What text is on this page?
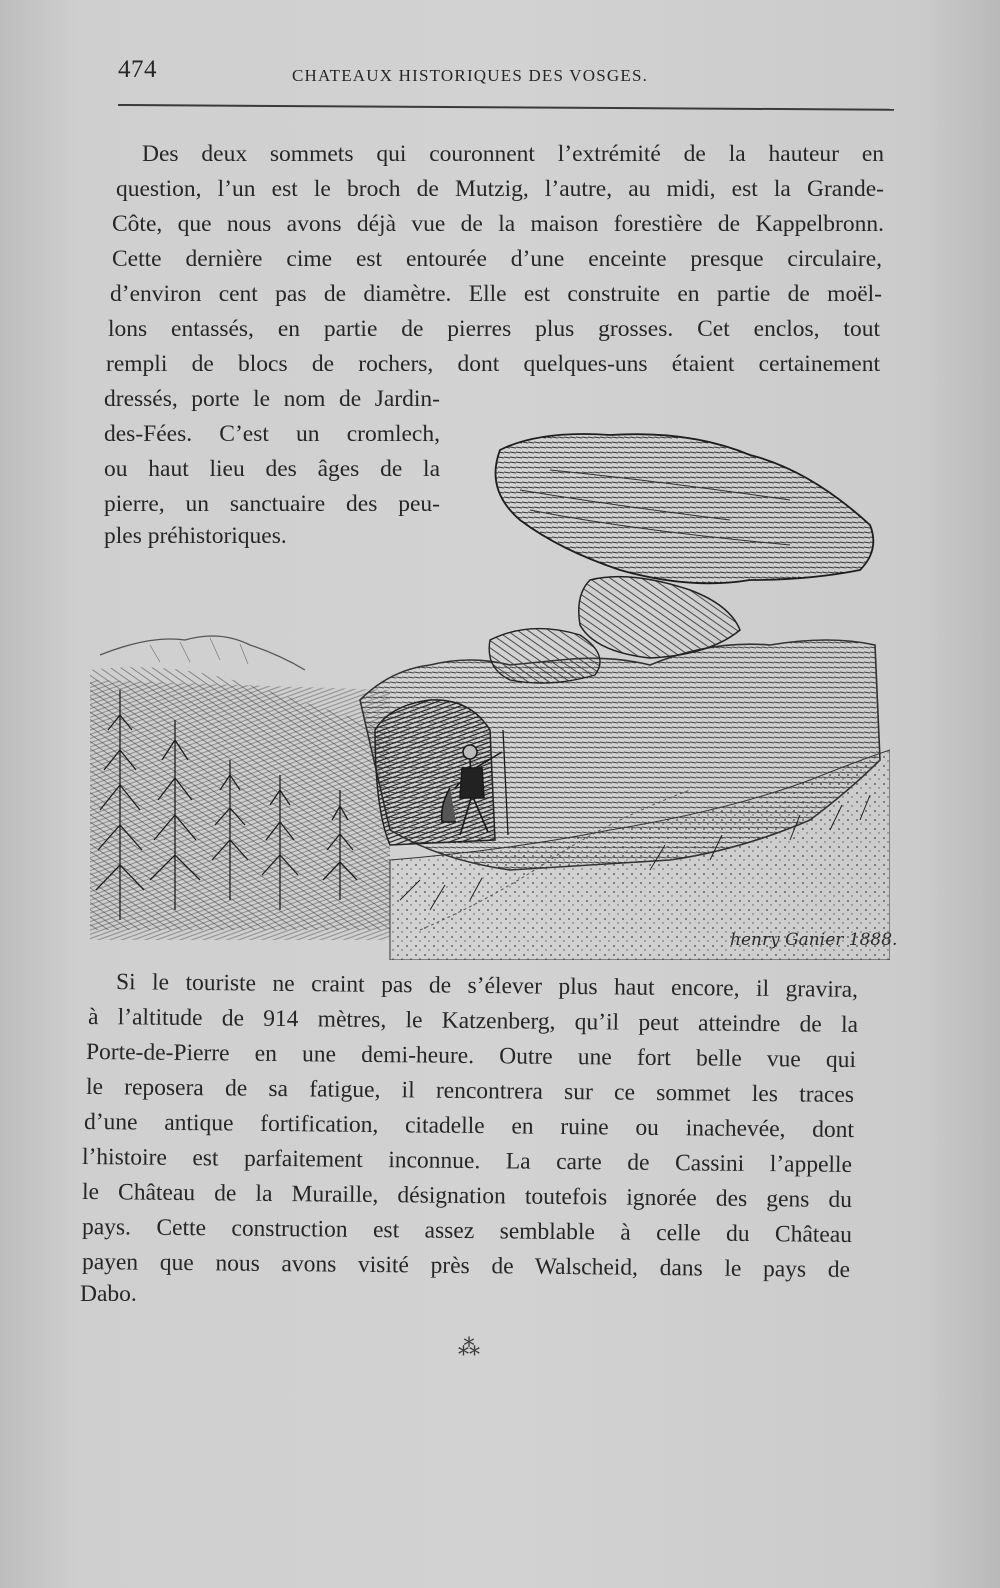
474	CHATEAUX HISTORIQUES DES VOSGES.
Des deux sommets qui couronnent l’extrémité de la hauteur en
question, l’un est le broch de Mutzig, l’autre, au midi, est la Grande-
Côte, que nous avons déjà vue de la maison forestière de Kappelbronn.
Cette dernière cime est entourée d’une enceinte presque circulaire,
d’environ cent pas de diamètre. Elle est construite en partie de moël-
lons entassés, en partie de pierres plus grosses. Cet enclos, tout
rempli de blocs de rochers, dont quelques-uns étaient certainement
dressés, porte le nom de Jardin-
des-Fées. C’est un cromlech,
ou haut lieu des âges de la
pierre, un sanctuaire des peu-
ples préhistoriques.
henry Ganier 1888.
Si le touriste ne craint pas de s’élever plus haut encore, il gravira,
à l’altitude de 914 mètres, le Katzenberg, qu’il peut atteindre de la
Porte-de-Pierre en une demi-heure. Outre une fort belle vue qui
le reposera de sa fatigue, il rencontrera sur ce sommet les traces
d’une antique fortification, citadelle en ruine ou inachevée, dont
l’histoire est parfaitement inconnue. La carte de Cassini l’appelle
le Château de la Muraille, désignation toutefois ignorée des gens du
pays. Cette construction est assez semblable à celle du Château
payen que nous avons visité près de Walscheid, dans le pays de
Dabo.
⁂
